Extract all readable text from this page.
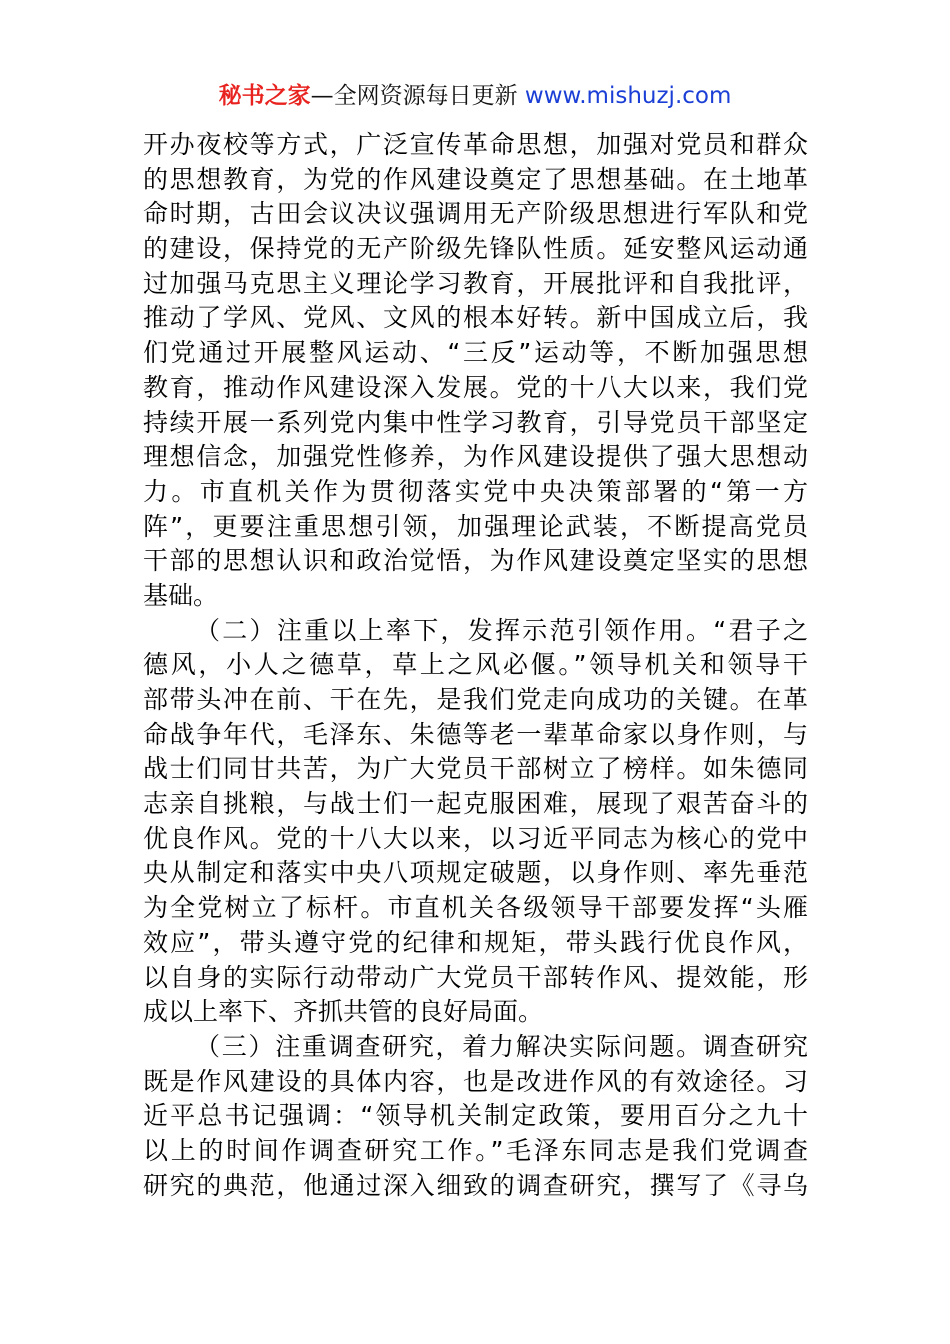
秘书之家—全网资源每日更新 www.mishuzj.com
开办夜校等方式，广泛宣传革命思想，加强对党员和群众
的思想教育，为党的作风建设奠定了思想基础。在土地革
命时期，古田会议决议强调用无产阶级思想进行军队和党
的建设，保持党的无产阶级先锋队性质。延安整风运动通
过加强马克思主义理论学习教育，开展批评和自我批评，
推动了学风、党风、文风的根本好转。新中国成立后，我
们党通过开展整风运动、“三反”运动等，不断加强思想
教育，推动作风建设深入发展。党的十八大以来，我们党
持续开展一系列党内集中性学习教育，引导党员干部坚定
理想信念，加强党性修养，为作风建设提供了强大思想动
力。市直机关作为贯彻落实党中央决策部署的“第一方
阵”，更要注重思想引领，加强理论武装，不断提高党员
干部的思想认识和政治觉悟，为作风建设奠定坚实的思想
基础。
（二）注重以上率下，发挥示范引领作用。“君子之
德风，小人之德草，草上之风必偃。”领导机关和领导干
部带头冲在前、干在先，是我们党走向成功的关键。在革
命战争年代，毛泽东、朱德等老一辈革命家以身作则，与
战士们同甘共苦，为广大党员干部树立了榜样。如朱德同
志亲自挑粮，与战士们一起克服困难，展现了艰苦奋斗的
优良作风。党的十八大以来，以习近平同志为核心的党中
央从制定和落实中央八项规定破题，以身作则、率先垂范
为全党树立了标杆。市直机关各级领导干部要发挥“头雁
效应”，带头遵守党的纪律和规矩，带头践行优良作风，
以自身的实际行动带动广大党员干部转作风、提效能，形
成以上率下、齐抓共管的良好局面。
（三）注重调查研究，着力解决实际问题。调查研究
既是作风建设的具体内容，也是改进作风的有效途径。习
近平总书记强调：“领导机关制定政策，要用百分之九十
以上的时间作调查研究工作。”毛泽东同志是我们党调查
研究的典范，他通过深入细致的调查研究，撰写了《寻乌
